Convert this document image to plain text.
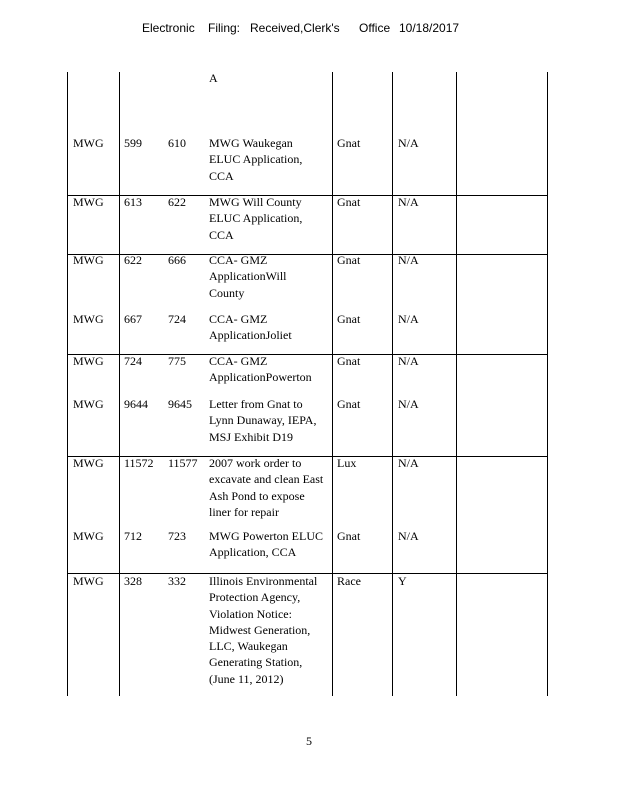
Electronic Filing: Received,Clerk's Office 10/18/2017
A
MWG	599	610	MWG Waukegan
ELUC Application,
CCA
Gnat	N/A
MWG	613	622	MWG Will County
ELUC Application,
CCA
Gnat	N/A
MWG	622	666	CCA- GMZ
ApplicationWill
County
Gnat	N/A
MWG	667	724	CCA- GMZ
ApplicationJoliet
Gnat	N/A
MWG	724	775	CCA- GMZ
ApplicationPowerton
Gnat	N/A
MWG	9644	9645	Letter from Gnat to
Lynn Dunaway, IEPA,
MSJ Exhibit D19
Gnat	N/A
MWG	11572	11577 2007 work order to
excavate and clean East
Ash Pond to expose
liner for repair
Lux	N/A
MWG	712	723	MWG Powerton ELUC
Application, CCA
Gnat	N/A
MWG	328	332	Illinois Environmental
Protection Agency,
Violation Notice:
Midwest Generation,
LLC, Waukegan
Generating Station,
(June 11, 2012)
Race	Y
5
